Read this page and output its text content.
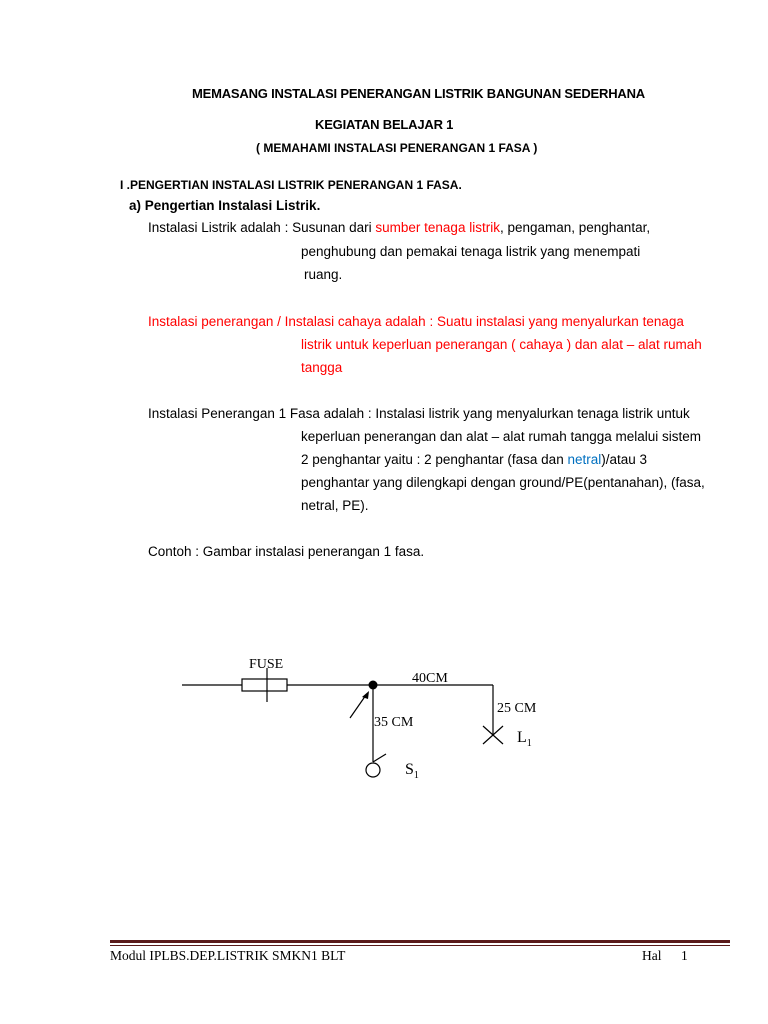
MEMASANG INSTALASI PENERANGAN LISTRIK BANGUNAN SEDERHANA
KEGIATAN BELAJAR 1
( MEMAHAMI INSTALASI PENERANGAN 1 FASA )
I .PENGERTIAN INSTALASI LISTRIK PENERANGAN 1 FASA.
a) Pengertian Instalasi Listrik.
Instalasi Listrik adalah : Susunan dari sumber tenaga listrik, pengaman, penghantar,
penghubung dan pemakai tenaga listrik yang menempati
ruang.
Instalasi penerangan / Instalasi cahaya adalah : Suatu instalasi yang menyalurkan tenaga
listrik untuk keperluan penerangan ( cahaya ) dan alat – alat rumah
tangga
Instalasi Penerangan 1 Fasa adalah : Instalasi listrik yang menyalurkan tenaga listrik untuk
keperluan penerangan dan alat – alat rumah tangga melalui sistem
2 penghantar yaitu : 2 penghantar (fasa dan netral)/atau 3
penghantar yang dilengkapi dengan ground/PE(pentanahan), (fasa,
netral, PE).
Contoh : Gambar instalasi penerangan 1 fasa.
FUSE
40CM
25 CM
35 CM
$L_1$
$S_1$
Modul IPLBS.DEP.LISTRIK SMKN1 BLT	Hal 1
